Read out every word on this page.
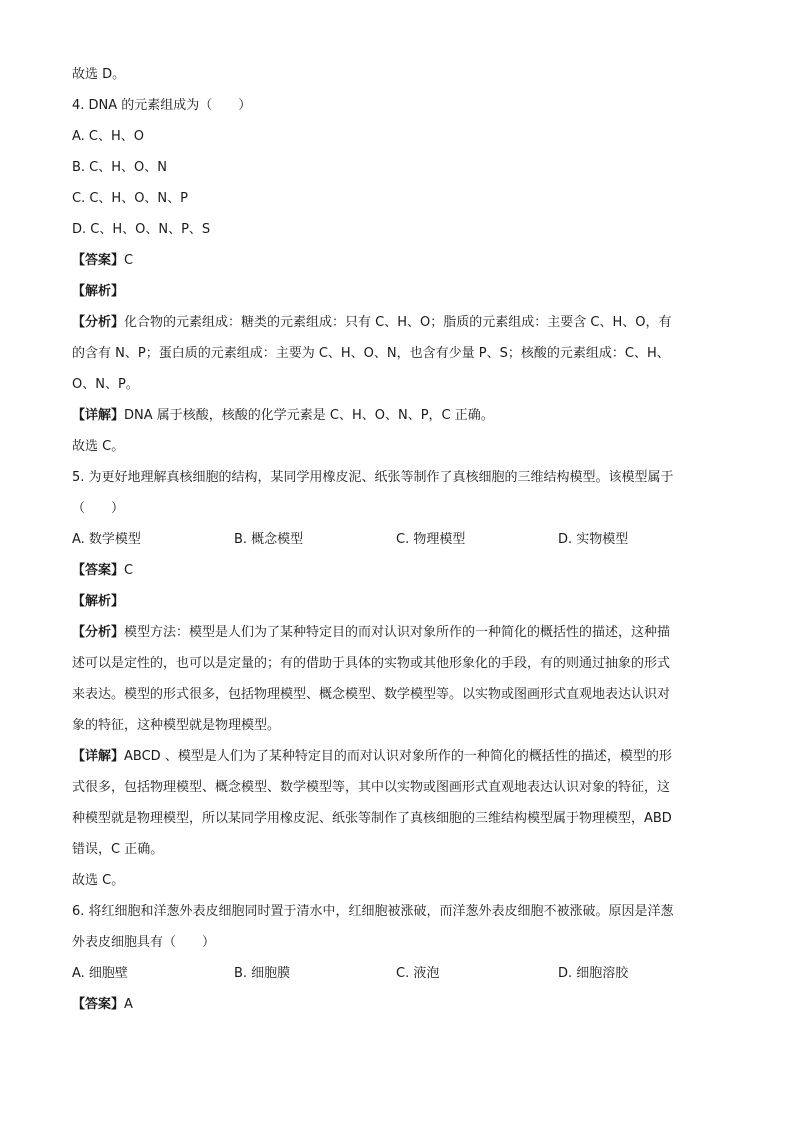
故选 D。

4. DNA 的元素组成为（　　）

A. C、H、O

B. C、H、O、N

C. C、H、O、N、P

D. C、H、O、N、P、S

【答案】C

【解析】

【分析】化合物的元素组成：糖类的元素组成：只有 C、H、O；脂质的元素组成：主要含 C、H、O，有

的含有 N、P；蛋白质的元素组成：主要为 C、H、O、N，也含有少量 P、S；核酸的元素组成：C、H、

O、N、P。

【详解】DNA 属于核酸，核酸的化学元素是 C、H、O、N、P，C 正确。

故选 C。

5. 为更好地理解真核细胞的结构，某同学用橡皮泥、纸张等制作了真核细胞的三维结构模型。该模型属于

（　　）

A. 数学模型	B. 概念模型	C. 物理模型	D. 实物模型

【答案】C

【解析】

【分析】模型方法：模型是人们为了某种特定目的而对认识对象所作的一种简化的概括性的描述，这种描

述可以是定性的，也可以是定量的；有的借助于具体的实物或其他形象化的手段，有的则通过抽象的形式

来表达。模型的形式很多，包括物理模型、概念模型、数学模型等。以实物或图画形式直观地表达认识对

象的特征，这种模型就是物理模型。

【详解】ABCD 、模型是人们为了某种特定目的而对认识对象所作的一种简化的概括性的描述，模型的形

式很多，包括物理模型、概念模型、数学模型等，其中以实物或图画形式直观地表达认识对象的特征，这

种模型就是物理模型，所以某同学用橡皮泥、纸张等制作了真核细胞的三维结构模型属于物理模型，ABD

错误，C 正确。

故选 C。

6. 将红细胞和洋葱外表皮细胞同时置于清水中，红细胞被涨破，而洋葱外表皮细胞不被涨破。原因是洋葱

外表皮细胞具有（　　）

A. 细胞壁	B. 细胞膜	C. 液泡	D. 细胞溶胶

【答案】A
